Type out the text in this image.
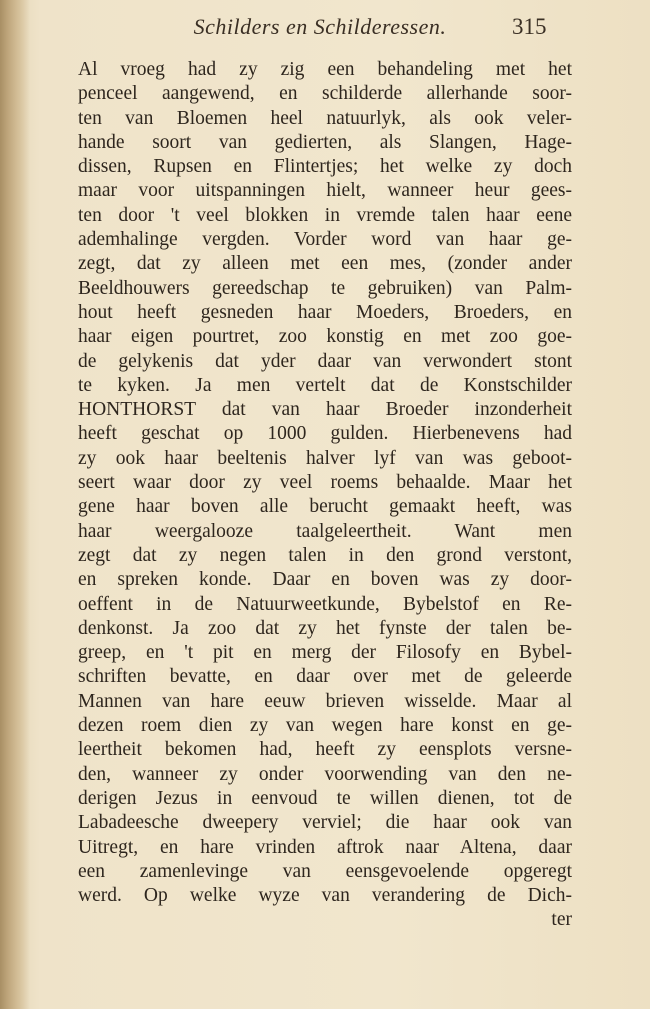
Schilders en Schilderessen.	315
Al vroeg had zy zig een behandeling met het
penceel aangewend, en schilderde allerhande soor-
ten van Bloemen heel natuurlyk, als ook veler-
hande soort van gedierten, als Slangen, Hage-
dissen, Rupsen en Flintertjes; het welke zy doch
maar voor uitspanningen hielt, wanneer heur gees-
ten door 't veel blokken in vremde talen haar eene
ademhalinge vergden. Vorder word van haar ge-
zegt, dat zy alleen met een mes, (zonder ander
Beeldhouwers gereedschap te gebruiken) van Palm-
hout heeft gesneden haar Moeders, Broeders, en
haar eigen pourtret, zoo konstig en met zoo goe-
de gelykenis dat yder daar van verwondert stont
te kyken. Ja men vertelt dat de Konstschilder
HONTHORST dat van haar Broeder inzonderheit
heeft geschat op 1000 gulden. Hierbenevens had
zy ook haar beeltenis halver lyf van was geboot-
seert waar door zy veel roems behaalde. Maar het
gene haar boven alle berucht gemaakt heeft, was
haar weergalooze taalgeleertheit. Want men
zegt dat zy negen talen in den grond verstont,
en spreken konde. Daar en boven was zy door-
oeffent in de Natuurweetkunde, Bybelstof en Re-
denkonst. Ja zoo dat zy het fynste der talen be-
greep, en 't pit en merg der Filosofy en Bybel-
schriften bevatte, en daar over met de geleerde
Mannen van hare eeuw brieven wisselde. Maar al
dezen roem dien zy van wegen hare konst en ge-
leertheit bekomen had, heeft zy eensplots versne-
den, wanneer zy onder voorwending van den ne-
derigen Jezus in eenvoud te willen dienen, tot de
Labadeesche dweepery verviel; die haar ook van
Uitregt, en hare vrinden aftrok naar Altena, daar
een zamenlevinge van eensgevoelende opgeregt
werd. Op welke wyze van verandering de Dich-
ter
